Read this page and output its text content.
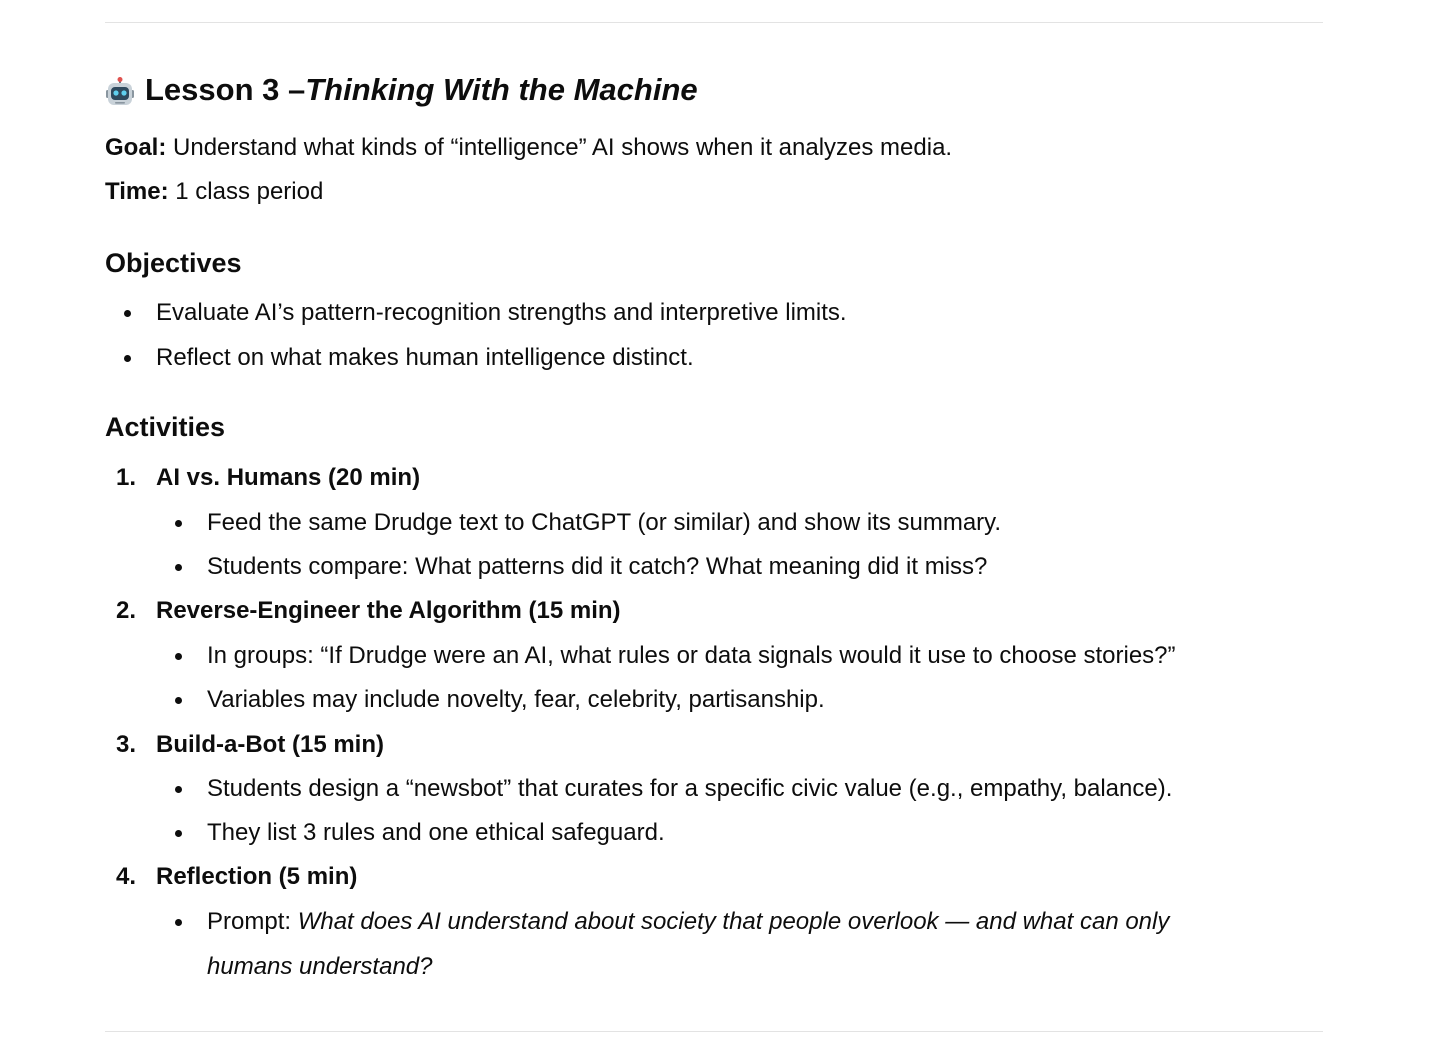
Lesson 3 – Thinking With the Machine

Goal: Understand what kinds of “intelligence” AI shows when it analyzes media.

Time: 1 class period

Objectives
Evaluate AI’s pattern-recognition strengths and interpretive limits.
Reflect on what makes human intelligence distinct.
Activities
1. AI vs. Humans (20 min)
Feed the same Drudge text to ChatGPT (or similar) and show its summary.
Students compare: What patterns did it catch? What meaning did it miss?
2. Reverse-Engineer the Algorithm (15 min)
In groups: “If Drudge were an AI, what rules or data signals would it use to choose stories?”
Variables may include novelty, fear, celebrity, partisanship.
3. Build-a-Bot (15 min)
Students design a “newsbot” that curates for a specific civic value (e.g., empathy, balance).
They list 3 rules and one ethical safeguard.
4. Reflection (5 min)
Prompt: What does AI understand about society that people overlook — and what can only
humans understand?
